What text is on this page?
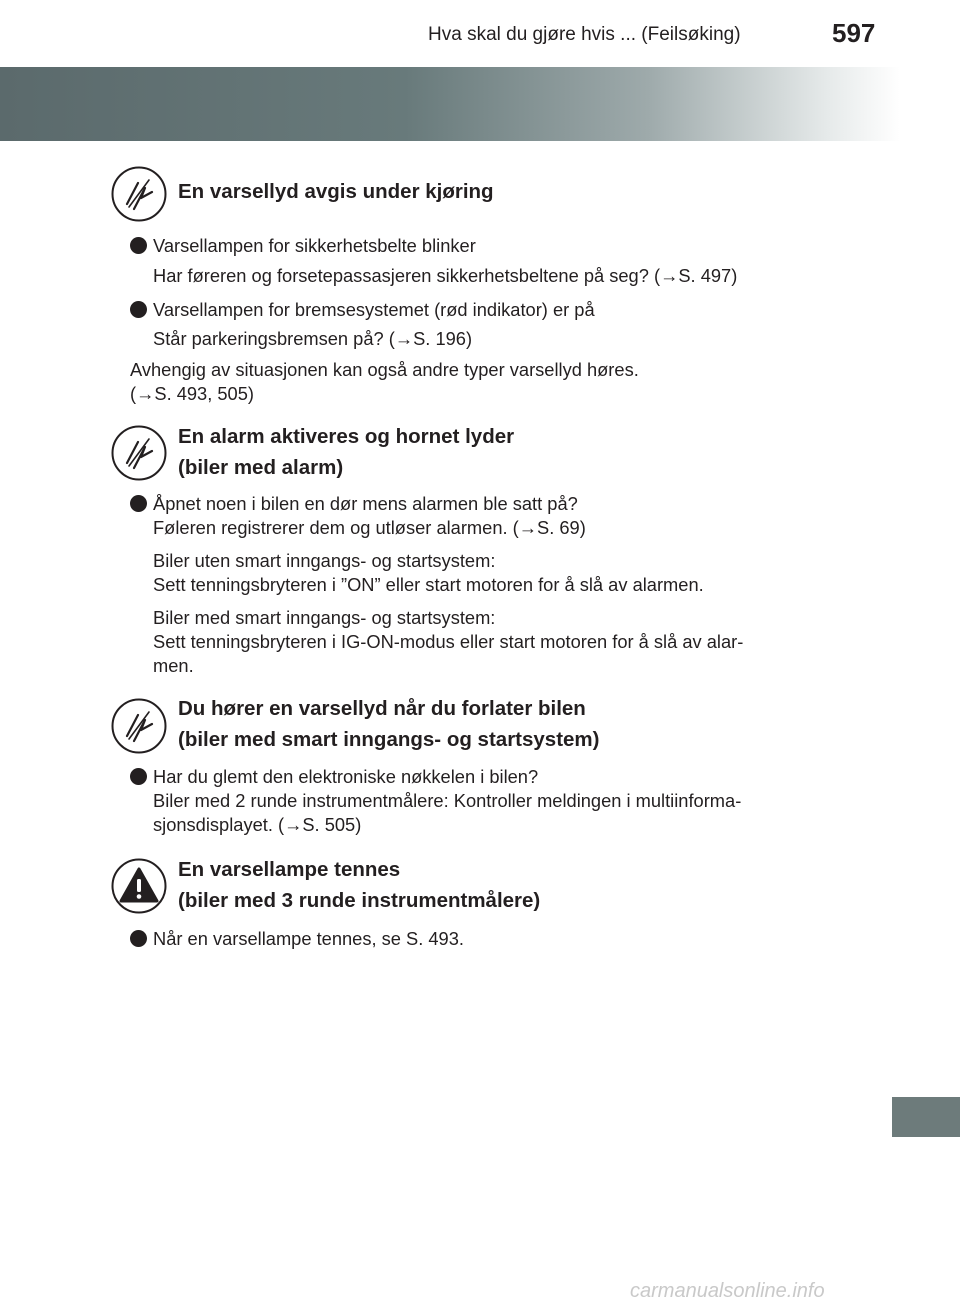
Hva skal du gjøre hvis ... (Feilsøking)	597
En varsellyd avgis under kjøring
Varsellampen for sikkerhetsbelte blinker
Har føreren og forsetepassasjeren sikkerhetsbeltene på seg? (→S. 497)
Varsellampen for bremsesystemet (rød indikator) er på
Står parkeringsbremsen på? (→S. 196)
Avhengig av situasjonen kan også andre typer varsellyd høres.
(→S. 493, 505)
En alarm aktiveres og hornet lyder
(biler med alarm)
Åpnet noen i bilen en dør mens alarmen ble satt på?
Føleren registrerer dem og utløser alarmen. (→S. 69)
Biler uten smart inngangs- og startsystem:
Sett tenningsbryteren i ”ON” eller start motoren for å slå av alarmen.
Biler med smart inngangs- og startsystem:
Sett tenningsbryteren i IG-ON-modus eller start motoren for å slå av alar-
men.
Du hører en varsellyd når du forlater bilen
(biler med smart inngangs- og startsystem)
Har du glemt den elektroniske nøkkelen i bilen?
Biler med 2 runde instrumentmålere: Kontroller meldingen i multiinforma-
sjonsdisplayet. (→S. 505)
En varsellampe tennes
(biler med 3 runde instrumentmålere)
Når en varsellampe tennes, se S. 493.
carmanualsonline.info
